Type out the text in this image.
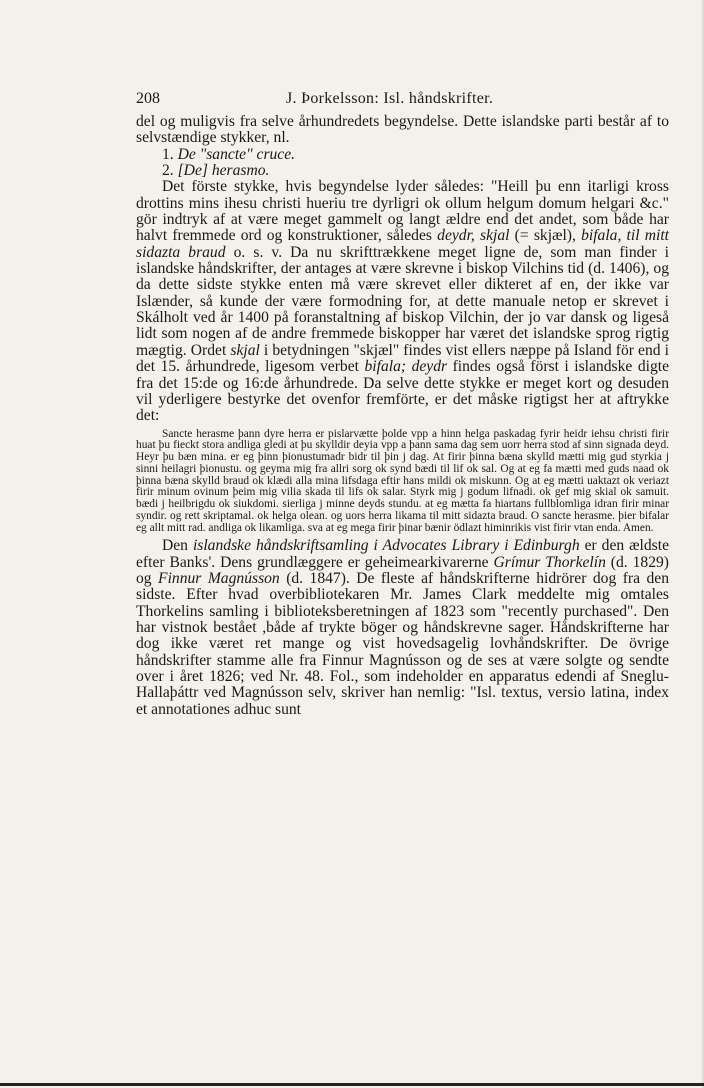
208	J. Þorkelsson: Isl. håndskrifter.

del og muligvis fra selve århundredets begyndelse. Dette islandske parti består af to selvstændige stykker, nl.

1. De "sancte" cruce.

2. [De] herasmo.

Det förste stykke, hvis begyndelse lyder således: "Heill þu enn itarligi kross drottins mins ihesu christi hueriu tre dyrligri ok ollum helgum domum helgari &c." gör indtryk af at være meget gammelt og langt ældre end det andet, som både har halvt fremmede ord og konstruktioner, således deydr, skjal (= skjæl), bifala, til mitt sidazta braud o. s. v. Da nu skrifttrækkene meget ligne de, som man finder i islandske håndskrifter, der antages at være skrevne i biskop Vilchins tid (d. 1406), og da dette sidste stykke enten må være skrevet eller dikteret af en, der ikke var Islænder, så kunde der være formodning for, at dette manuale netop er skrevet i Skálholt ved år 1400 på foranstaltning af biskop Vilchin, der jo var dansk og ligeså lidt som nogen af de andre fremmede biskopper har været det islandske sprog rigtig mægtig. Ordet skjal i betydningen "skjæl" findes vist ellers næppe på Island för end i det 15. århundrede, ligesom verbet bifala; deydr findes også först i islandske digte fra det 15:de og 16:de århundrede. Da selve dette stykke er meget kort og desuden vil yderligere bestyrke det ovenfor fremförte, er det måske rigtigst her at aftrykke det:

Sancte herasme þann dyre herra er pislarvætte þolde vpp a hinn helga paskadag fyrir heidr iehsu christi firir huat þu fieckt stora andliga gledi at þu skylldir deyia vpp a þann sama dag sem uorr herra stod af sinn signada deyd. Heyr þu bæn mina. er eg þinn þionustumadr bidr til þin j dag. At firir þinna bæna skylld mætti mig gud styrkia j sinni heilagri þionustu. og geyma mig fra allri sorg ok synd bædi til lif ok sal. Og at eg fa mætti med guds naad ok þinna bæna skylld braud ok klædi alla mina lifsdaga eftir hans mildi ok miskunn. Og at eg mætti uaktazt ok veriazt firir minum ovinum þeim mig vilia skada til lifs ok salar. Styrk mig j godum lifnadi. ok gef mig skial ok samuit. bædi j heilbrigdu ok siukdomi. sierliga j minne deyds stundu. at eg mætta fa hiartans fullblomliga idran firir minar syndir. og rett skriptamal. ok helga olean. og uors herra likama til mitt sidazta braud. O sancte herasme. þier bifalar eg allt mitt rad. andliga ok likamliga. sva at eg mega firir þinar bænir ödlazt himinrikis vist firir vtan enda. Amen.

Den islandske håndskriftsamling i Advocates Library i Edinburgh er den ældste efter Banks'. Dens grundlæggere er geheimearkivarerne Grímur Thorkelín (d. 1829) og Finnur Magnússon (d. 1847). De fleste af håndskrifterne hidrörer dog fra den sidste. Efter hvad overbibliotekaren Mr. James Clark meddelte mig omtales Thorkelins samling i biblioteksberetningen af 1823 som "recently purchased". Den har vistnok bestået ,både af trykte böger og håndskrevne sager. Håndskrifterne har dog ikke været ret mange og vist hovedsagelig lovhåndskrifter. De övrige håndskrifter stamme alle fra Finnur Magnússon og de ses at være solgte og sendte over i året 1826; ved Nr. 48. Fol., som indeholder en apparatus edendi af Sneglu-Hallaþáttr ved Magnússon selv, skriver han nemlig: "Isl. textus, versio latina, index et annotationes adhuc sunt
